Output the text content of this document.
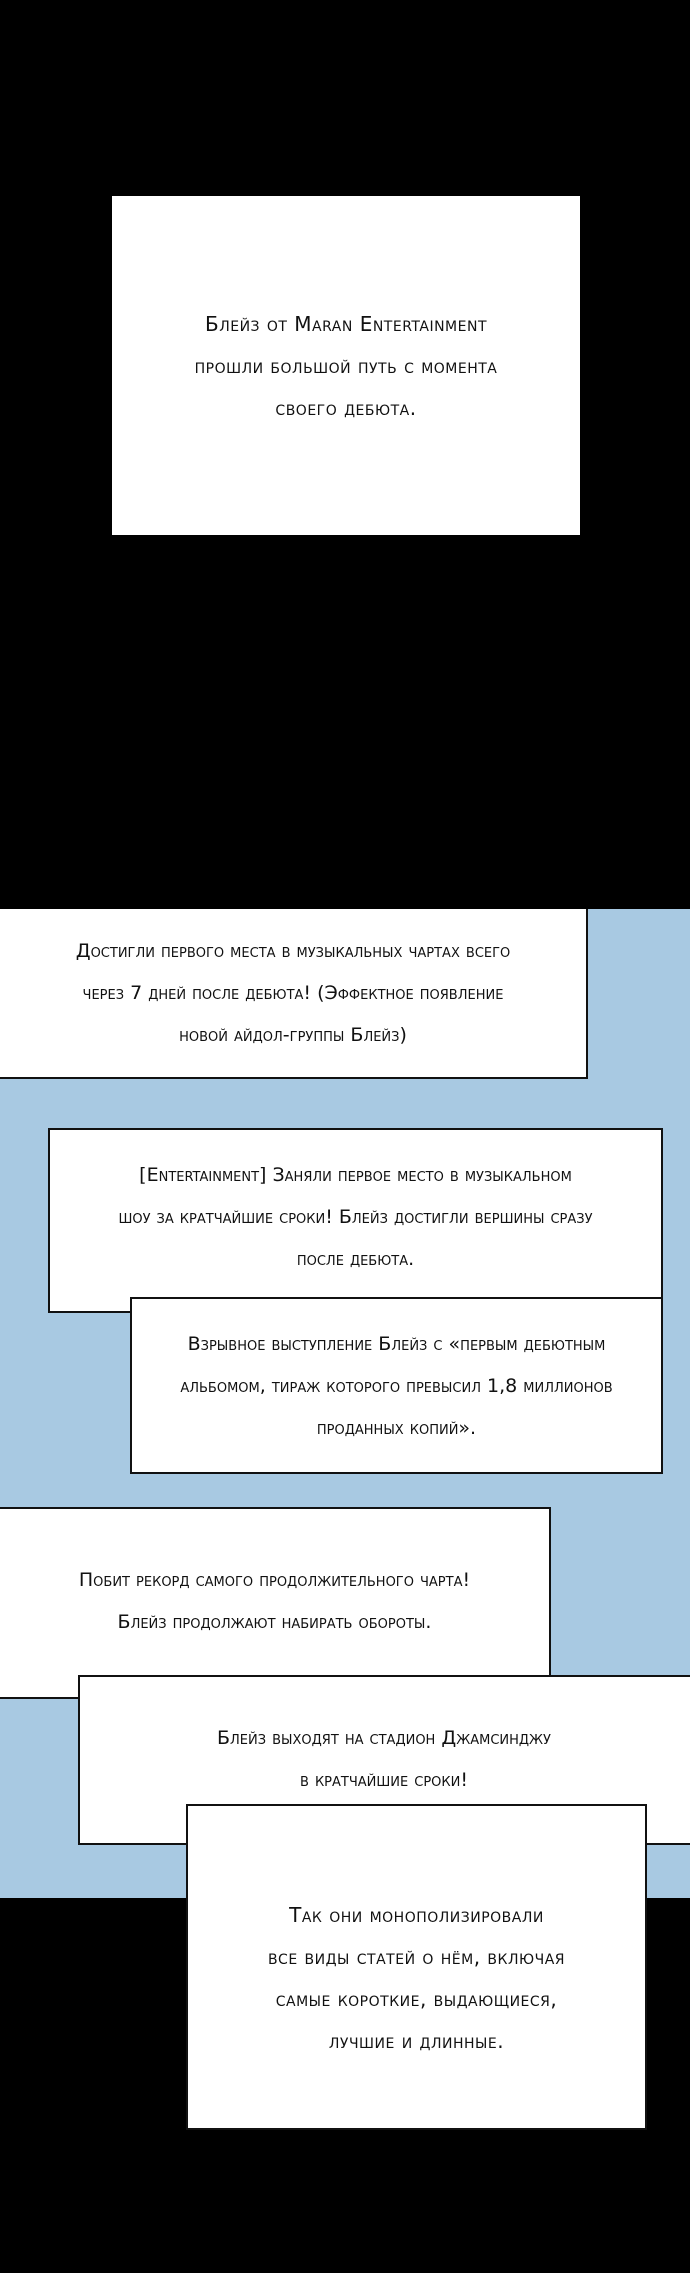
Блейз от Maran Entertainment
прошли большой путь с момента
своего дебюта.

Достигли первого места в музыкальных чартах всего
через 7 дней после дебюта! (Эффектное появление
новой айдол-группы Блейз)

[Entertainment] Заняли первое место в музыкальном
шоу за кратчайшие сроки! Блейз достигли вершины сразу
после дебюта.

Взрывное выступление Блейз с «первым дебютным
альбомом, тираж которого превысил 1,8 миллионов
проданных копий».

Побит рекорд самого продолжительного чарта!
Блейз продолжают набирать обороты.

Блейз выходят на стадион Джамсинджу
в кратчайшие сроки!

Так они монополизировали
все виды статей о нём, включая
самые короткие, выдающиеся,
лучшие и длинные.
